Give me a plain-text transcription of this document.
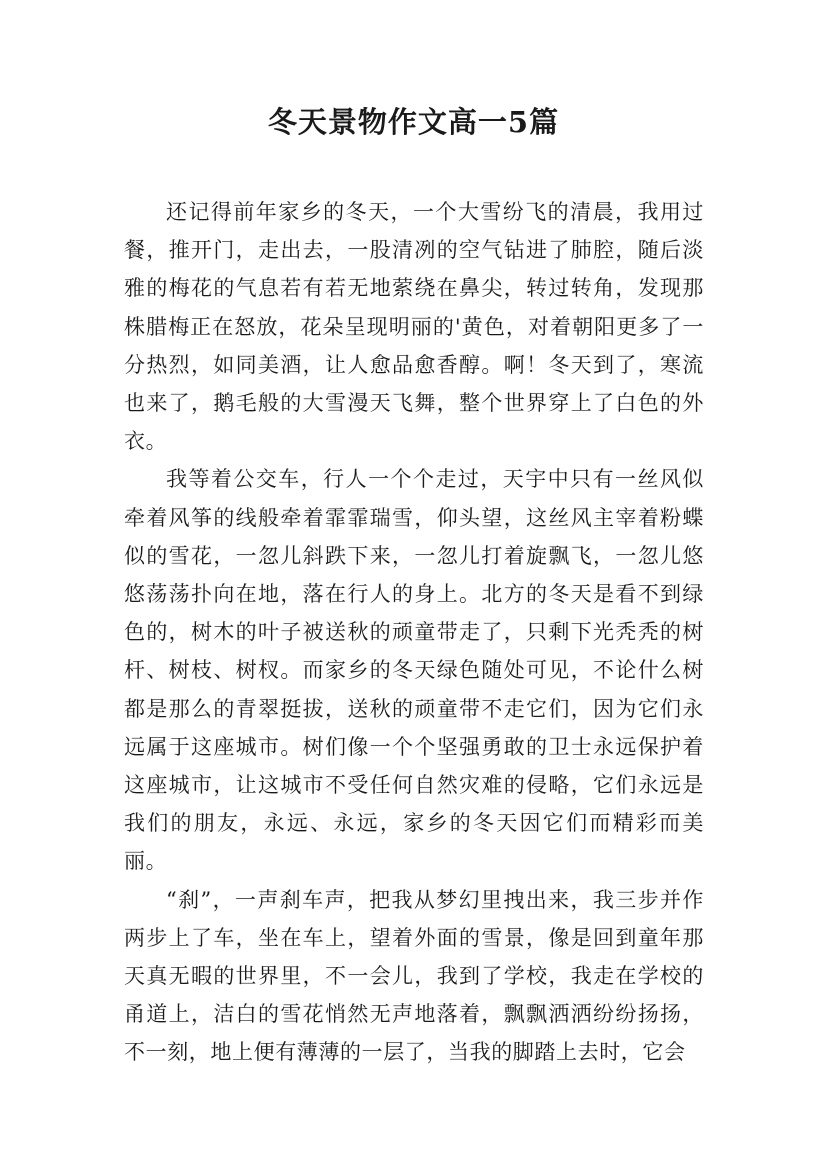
冬天景物作文高一5篇

还记得前年家乡的冬天，一个大雪纷飞的清晨，我用过餐，推开门，走出去，一股清冽的空气钻进了肺腔，随后淡雅的梅花的气息若有若无地萦绕在鼻尖，转过转角，发现那株腊梅正在怒放，花朵呈现明丽的'黄色，对着朝阳更多了一分热烈，如同美酒，让人愈品愈香醇。啊！冬天到了，寒流也来了，鹅毛般的大雪漫天飞舞，整个世界穿上了白色的外衣。

我等着公交车，行人一个个走过，天宇中只有一丝风似牵着风筝的线般牵着霏霏瑞雪，仰头望，这丝风主宰着粉蝶似的雪花，一忽儿斜跌下来，一忽儿打着旋飘飞，一忽儿悠悠荡荡扑向在地，落在行人的身上。北方的冬天是看不到绿色的，树木的叶子被送秋的顽童带走了，只剩下光秃秃的树杆、树枝、树杈。而家乡的冬天绿色随处可见，不论什么树都是那么的青翠挺拔，送秋的顽童带不走它们，因为它们永远属于这座城市。树们像一个个坚强勇敢的卫士永远保护着这座城市，让这城市不受任何自然灾难的侵略，它们永远是我们的朋友，永远、永远，家乡的冬天因它们而精彩而美丽。

“刹”，一声刹车声，把我从梦幻里拽出来，我三步并作两步上了车，坐在车上，望着外面的雪景，像是回到童年那天真无暇的世界里，不一会儿，我到了学校，我走在学校的甬道上，洁白的雪花悄然无声地落着，飘飘洒洒纷纷扬扬，不一刻，地上便有薄薄的一层了，当我的脚踏上去时，它会
